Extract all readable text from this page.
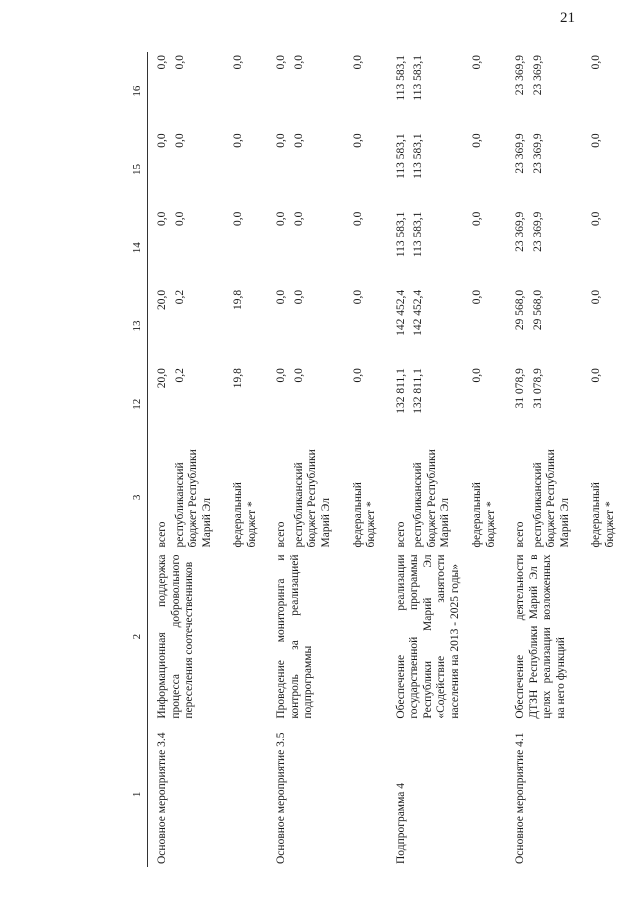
21
1	2	3	12	13	14	15	16
Основное мероприятие 3.4	Информационная поддержка процесса добровольного переселения соотечественников	всего	20,0	20,0	0,0	0,0	0,0
		республиканский бюджет Республики Марий Эл	0,2	0,2	0,0	0,0	0,0
		федеральный бюджет *	19,8	19,8	0,0	0,0	0,0
Основное мероприятие 3.5	Проведение мониторинга и контроль за реализацией подпрограммы	всего	0,0	0,0	0,0	0,0	0,0
		республиканский бюджет Республики Марий Эл	0,0	0,0	0,0	0,0	0,0
		федеральный бюджет *	0,0	0,0	0,0	0,0	0,0
Подпрограмма 4	Обеспечение реализации государственной программы Республики Марий Эл «Содействие занятости населения на 2013 - 2025 годы»	всего	132 811,1	142 452,4	113 583,1	113 583,1	113 583,1
		республиканский бюджет Республики Марий Эл	132 811,1	142 452,4	113 583,1	113 583,1	113 583,1
		федеральный бюджет *	0,0	0,0	0,0	0,0	0,0
Основное мероприятие 4.1	Обеспечение деятельности ДТЗН Республики Марий Эл в целях реализации возложенных на него функций	всего	31 078,9	29 568,0	23 369,9	23 369,9	23 369,9
		республиканский бюджет Республики Марий Эл	31 078,9	29 568,0	23 369,9	23 369,9	23 369,9
		федеральный бюджет *	0,0	0,0	0,0	0,0	0,0
